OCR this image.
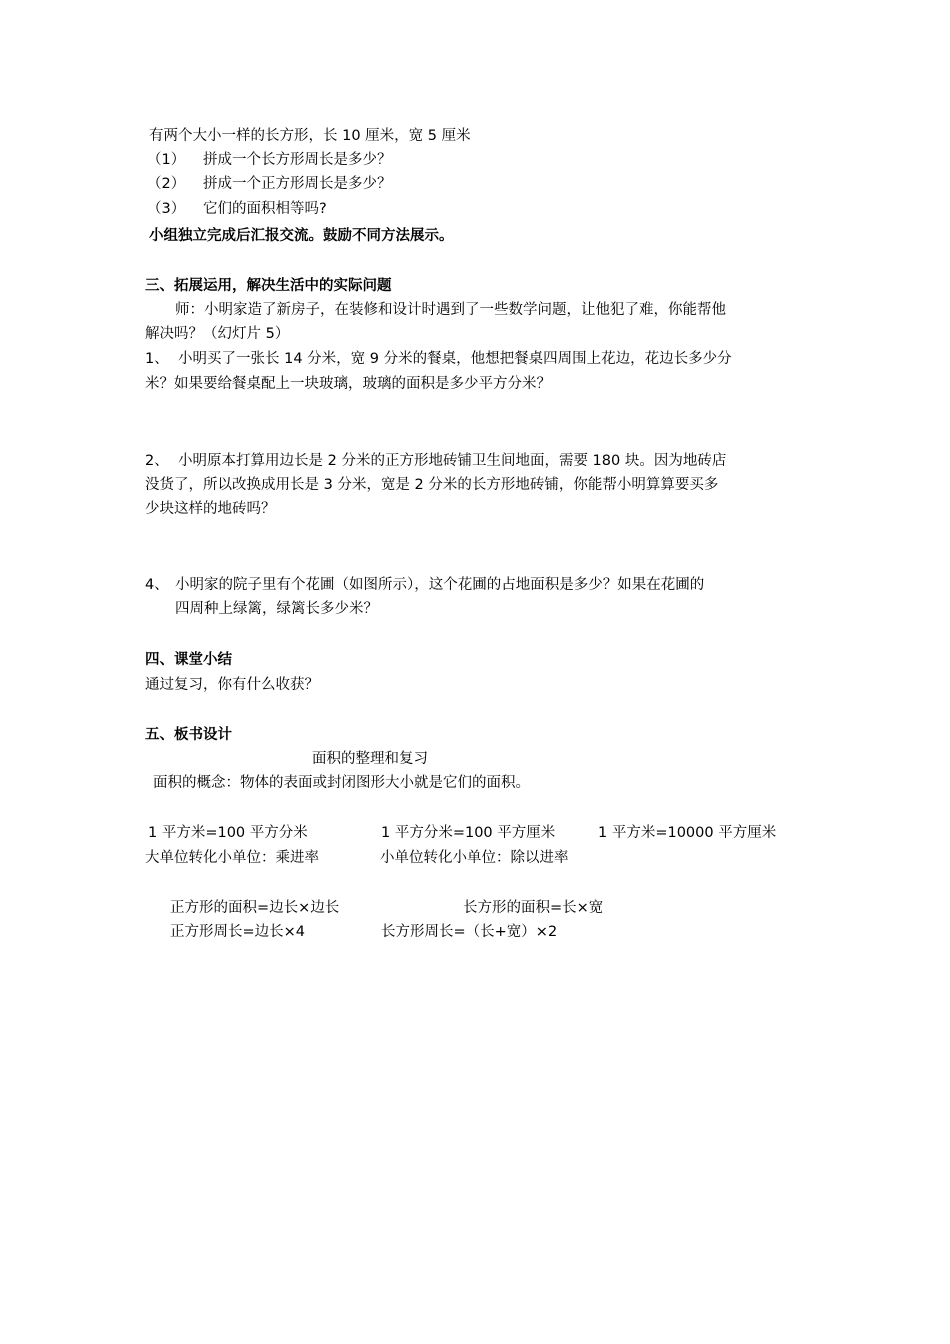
有两个大小一样的长方形，长 10 厘米，宽 5 厘米
（1） 拼成一个长方形周长是多少？
（2） 拼成一个正方形周长是多少？
（3） 它们的面积相等吗?
小组独立完成后汇报交流。鼓励不同方法展示。
三、拓展运用，解决生活中的实际问题
师：小明家造了新房子，在装修和设计时遇到了一些数学问题，让他犯了难，你能帮他
解决吗？（幻灯片 5）
1、 小明买了一张长 14 分米，宽 9 分米的餐桌，他想把餐桌四周围上花边，花边长多少分
米？如果要给餐桌配上一块玻璃，玻璃的面积是多少平方分米？
2、 小明原本打算用边长是 2 分米的正方形地砖铺卫生间地面，需要 180 块。因为地砖店
没货了，所以改换成用长是 3 分米，宽是 2 分米的长方形地砖铺，你能帮小明算算要买多
少块这样的地砖吗？
4、 小明家的院子里有个花圃（如图所示），这个花圃的占地面积是多少？如果在花圃的
四周种上绿篱，绿篱长多少米？
四、课堂小结
通过复习，你有什么收获？
五、板书设计
面积的整理和复习
面积的概念：物体的表面或封闭图形大小就是它们的面积。
1 平方米=100 平方分米	1 平方分米=100 平方厘米	1 平方米=10000 平方厘米
大单位转化小单位：乘进率	小单位转化小单位：除以进率
正方形的面积=边长×边长	长方形的面积=长×宽
正方形周长=边长×4	长方形周长=（长+宽）×2
